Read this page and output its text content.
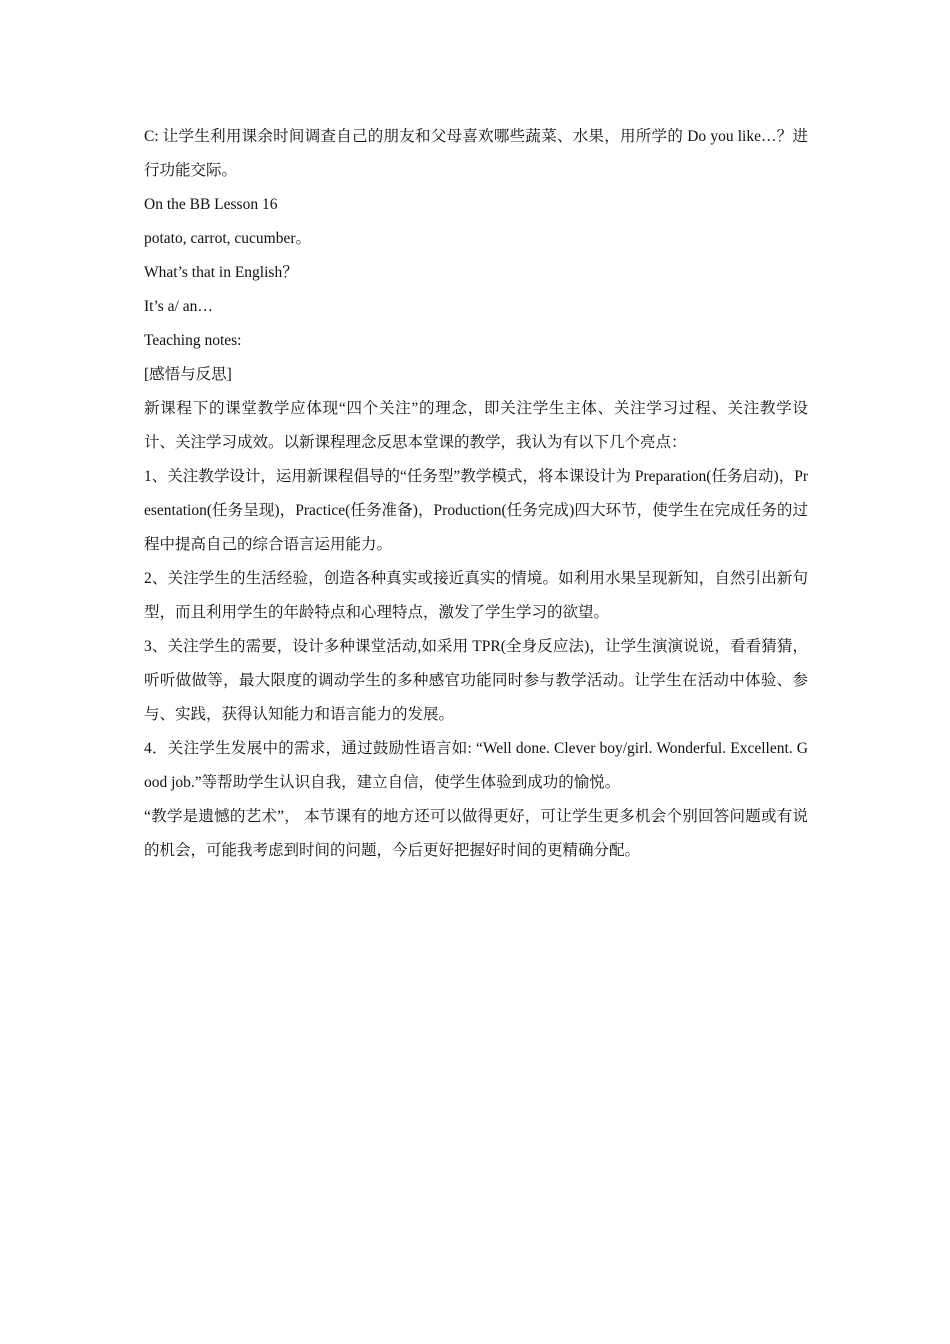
C: 让学生利用课余时间调查自己的朋友和父母喜欢哪些蔬菜、水果，用所学的 Do you like…？进行功能交际。

On the BB Lesson 16

potato, carrot, cucumber。

What’s that in English？

It’s a/ an…

Teaching notes:

[感悟与反思]

新课程下的课堂教学应体现“四个关注”的理念，即关注学生主体、关注学习过程、关注教学设计、关注学习成效。以新课程理念反思本堂课的教学，我认为有以下几个亮点：

1、关注教学设计，运用新课程倡导的“任务型”教学模式，将本课设计为 Preparation(任务启动)，Presentation(任务呈现)，Practice(任务准备)，Production(任务完成)四大环节，使学生在完成任务的过程中提高自己的综合语言运用能力。

2、关注学生的生活经验，创造各种真实或接近真实的情境。如利用水果呈现新知，自然引出新句型，而且利用学生的年龄特点和心理特点，激发了学生学习的欲望。

3、关注学生的需要，设计多种课堂活动,如采用 TPR(全身反应法)，让学生演演说说，看看猜猜，听听做做等，最大限度的调动学生的多种感官功能同时参与教学活动。让学生在活动中体验、参与、实践，获得认知能力和语言能力的发展。

4．关注学生发展中的需求，通过鼓励性语言如: “Well done. Clever boy/girl. Wonderful. Excellent. Good job.”等帮助学生认识自我，建立自信，使学生体验到成功的愉悦。

“教学是遗憾的艺术”， 本节课有的地方还可以做得更好，可让学生更多机会个别回答问题或有说的机会，可能我考虑到时间的问题，今后更好把握好时间的更精确分配。
